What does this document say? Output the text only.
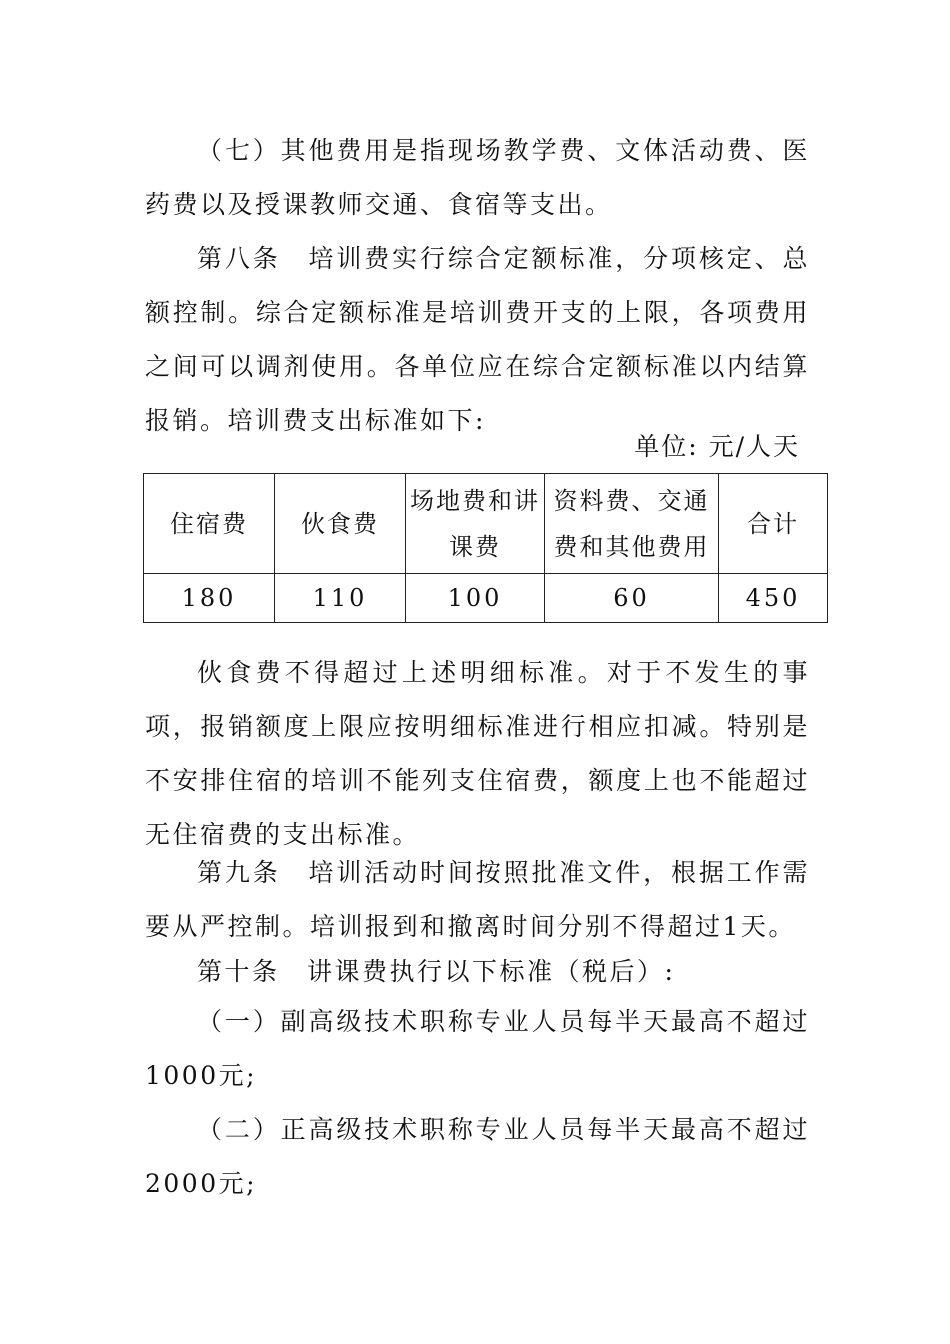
（七）其他费用是指现场教学费、文体活动费、医药费以及授课教师交通、食宿等支出。

第八条　培训费实行综合定额标准，分项核定、总额控制。综合定额标准是培训费开支的上限，各项费用之间可以调剂使用。各单位应在综合定额标准以内结算报销。培训费支出标准如下:

单位: 元/人天
住宿费	伙食费	场地费和讲课费	资料费、交通费和其他费用	合计
180	110	100	60	450

伙食费不得超过上述明细标准。对于不发生的事项，报销额度上限应按明细标准进行相应扣减。特别是不安排住宿的培训不能列支住宿费，额度上也不能超过无住宿费的支出标准。

第九条　培训活动时间按照批准文件，根据工作需要从严控制。培训报到和撤离时间分别不得超过1天。

第十条　讲课费执行以下标准（税后）:

（一）副高级技术职称专业人员每半天最高不超过1000元;

（二）正高级技术职称专业人员每半天最高不超过2000元;
